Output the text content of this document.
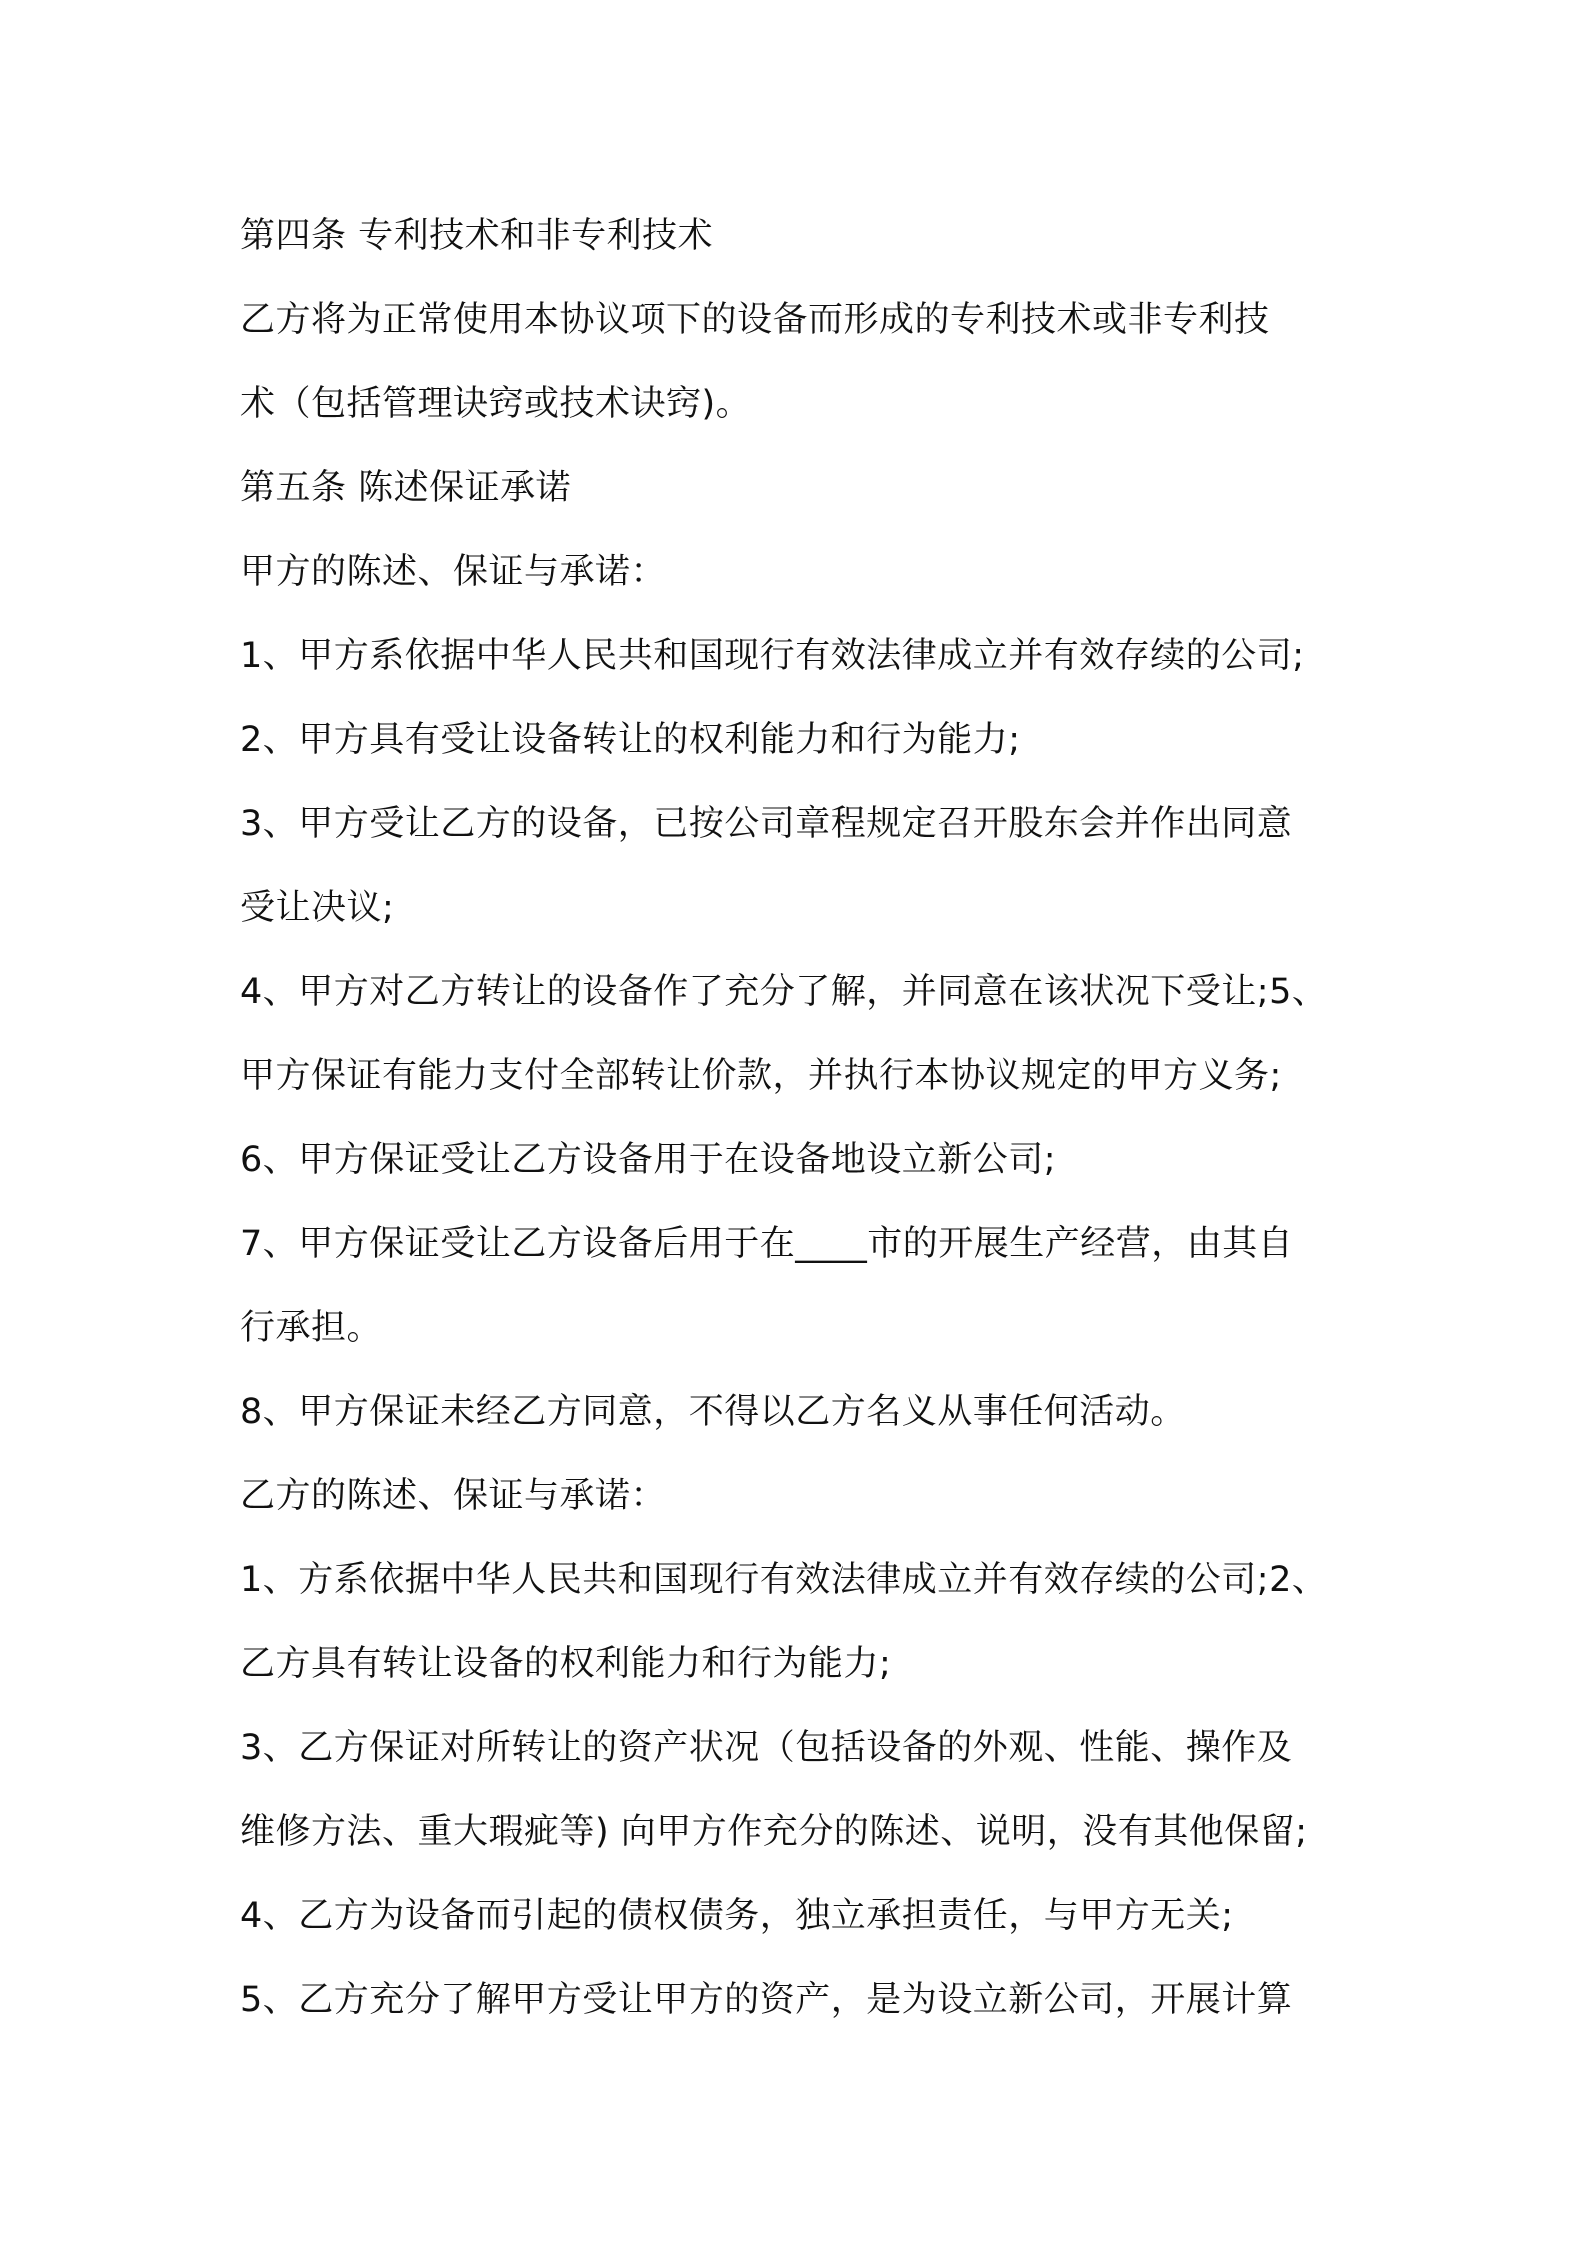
第四条 专利技术和非专利技术
乙方将为正常使用本协议项下的设备而形成的专利技术或非专利技
术（包括管理诀窍或技术诀窍)。
第五条 陈述保证承诺
甲方的陈述、保证与承诺：
1、甲方系依据中华人民共和国现行有效法律成立并有效存续的公司;
2、甲方具有受让设备转让的权利能力和行为能力;
3、甲方受让乙方的设备，已按公司章程规定召开股东会并作出同意
受让决议;
4、甲方对乙方转让的设备作了充分了解，并同意在该状况下受让;5、
甲方保证有能力支付全部转让价款，并执行本协议规定的甲方义务;
6、甲方保证受让乙方设备用于在设备地设立新公司;
7、甲方保证受让乙方设备后用于在____市的开展生产经营，由其自
行承担。
8、甲方保证未经乙方同意，不得以乙方名义从事任何活动。
乙方的陈述、保证与承诺：
1、方系依据中华人民共和国现行有效法律成立并有效存续的公司;2、
乙方具有转让设备的权利能力和行为能力;
3、乙方保证对所转让的资产状况（包括设备的外观、性能、操作及
维修方法、重大瑕疵等) 向甲方作充分的陈述、说明，没有其他保留;
4、乙方为设备而引起的债权债务，独立承担责任，与甲方无关;
5、乙方充分了解甲方受让甲方的资产，是为设立新公司，开展计算
